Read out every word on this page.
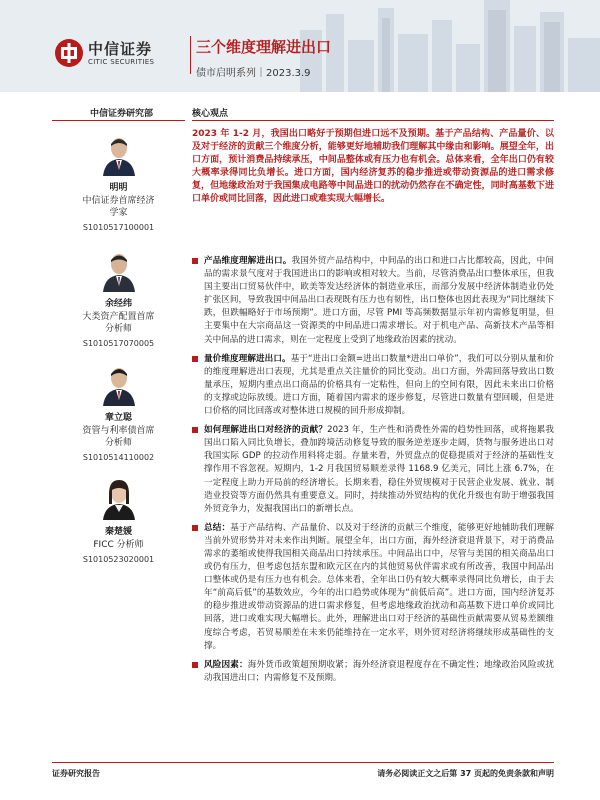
中信证券
CITIC SECURITIES
三个维度理解进出口
债市启明系列｜2023.3.9
中信证券研究部
明明
中信证券首席经济
学家
S1010517100001
余经纬
大类资产配置首席
分析师
S1010517070005
章立聪
资管与利率债首席
分析师
S1010514110002
秦楚媛
FICC 分析师
S1010523020001
核心观点
2023 年 1-2 月，我国出口略好于预期但进口远不及预期。基于产品结构、产品量价、以及对于经济的贡献三个维度分析，能够更好地辅助我们理解其中缘由和影响。展望全年，出口方面，预计消费品持续承压，中间品整体或有压力也有机会。总体来看，全年出口仍有较大概率录得同比负增长。进口方面，国内经济复苏的稳步推进或带动资源品的进口需求修复，但地缘政治对于我国集成电路等中间品进口的扰动仍然存在不确定性，同时高基数下进口单价或同比回落，因此进口或难实现大幅增长。
产品维度理解进出口。我国外贸产品结构中，中间品的出口和进口占比都较高，因此，中间品的需求景气度对于我国进出口的影响或相对较大。当前，尽管消费品出口整体承压，但我国主要出口贸易伙伴中，欧美等发达经济体的制造业承压，而部分发展中经济体制造业仍处扩张区间，导致我国中间品出口表现既有压力也有韧性，出口整体也因此表现为“同比继续下跌，但跌幅略好于市场预期”。进口方面，尽管 PMI 等高频数据显示年初内需修复明显，但主要集中在大宗商品这一资源类的中间品进口需求增长。对于机电产品、高新技术产品等相关中间品的进口需求，则在一定程度上受到了地缘政治因素的扰动。
量价维度理解进出口。基于“进出口金额=进出口数量*进出口单价”，我们可以分别从量和价的维度理解进出口表现，尤其是重点关注量价的同比变动。出口方面，外需回落导致出口数量承压，短期内重点出口商品的价格具有一定粘性，但向上的空间有限，因此未来出口价格的支撑或边际放缓。进口方面，随着国内需求的逐步修复，尽管进口数量有望回暖，但是进口价格的同比回落或对整体进口规模的回升形成抑制。
如何理解进出口对经济的贡献？2023 年，生产性和消费性外需的趋势性回落，或将拖累我国出口陷入同比负增长，叠加跨境活动修复导致的服务逆差逐步走阔，货物与服务进出口对我国实际 GDP 的拉动作用料将走弱。存量来看，外贸盘点的促稳提质对于经济的基础性支撑作用不容忽视。短期内，1-2 月我国贸易顺差录得 1168.9 亿美元，同比上涨 6.7%，在一定程度上助力开局前的经济增长。长期来看，稳住外贸规模对于民营企业发展、就业、制造业投资等方面仍然具有重要意义。同时，持续推动外贸结构的优化升级也有助于增强我国外贸竞争力，发掘我国出口的新增长点。
总结：基于产品结构、产品量价、以及对于经济的贡献三个维度，能够更好地辅助我们理解当前外贸形势并对未来作出判断。展望全年，出口方面，海外经济衰退背景下，对于消费品需求的萎缩或使得我国相关商品出口持续承压。中间品出口中，尽管与美国的相关商品出口或仍有压力，但考虑包括东盟和欧元区在内的其他贸易伙伴需求或有所改善，我国中间品出口整体或仍是有压力也有机会。总体来看，全年出口仍有较大概率录得同比负增长，由于去年“前高后低”的基数效应，今年的出口趋势或体现为“前低后高”。进口方面，国内经济复苏的稳步推进或带动资源品的进口需求修复，但考虑地缘政治扰动和高基数下进口单价或同比回落，进口或难实现大幅增长。此外，理解进出口对于经济的基础性贡献需要从贸易差额维度综合考虑，若贸易顺差在未来仍能维持在一定水平，则外贸对经济将继续形成基础性的支撑。
风险因素：海外货币政策超预期收紧；海外经济衰退程度存在不确定性；地缘政治风险或扰动我国进出口；内需修复不及预期。
证券研究报告	请务必阅读正文之后第 37 页起的免责条款和声明
